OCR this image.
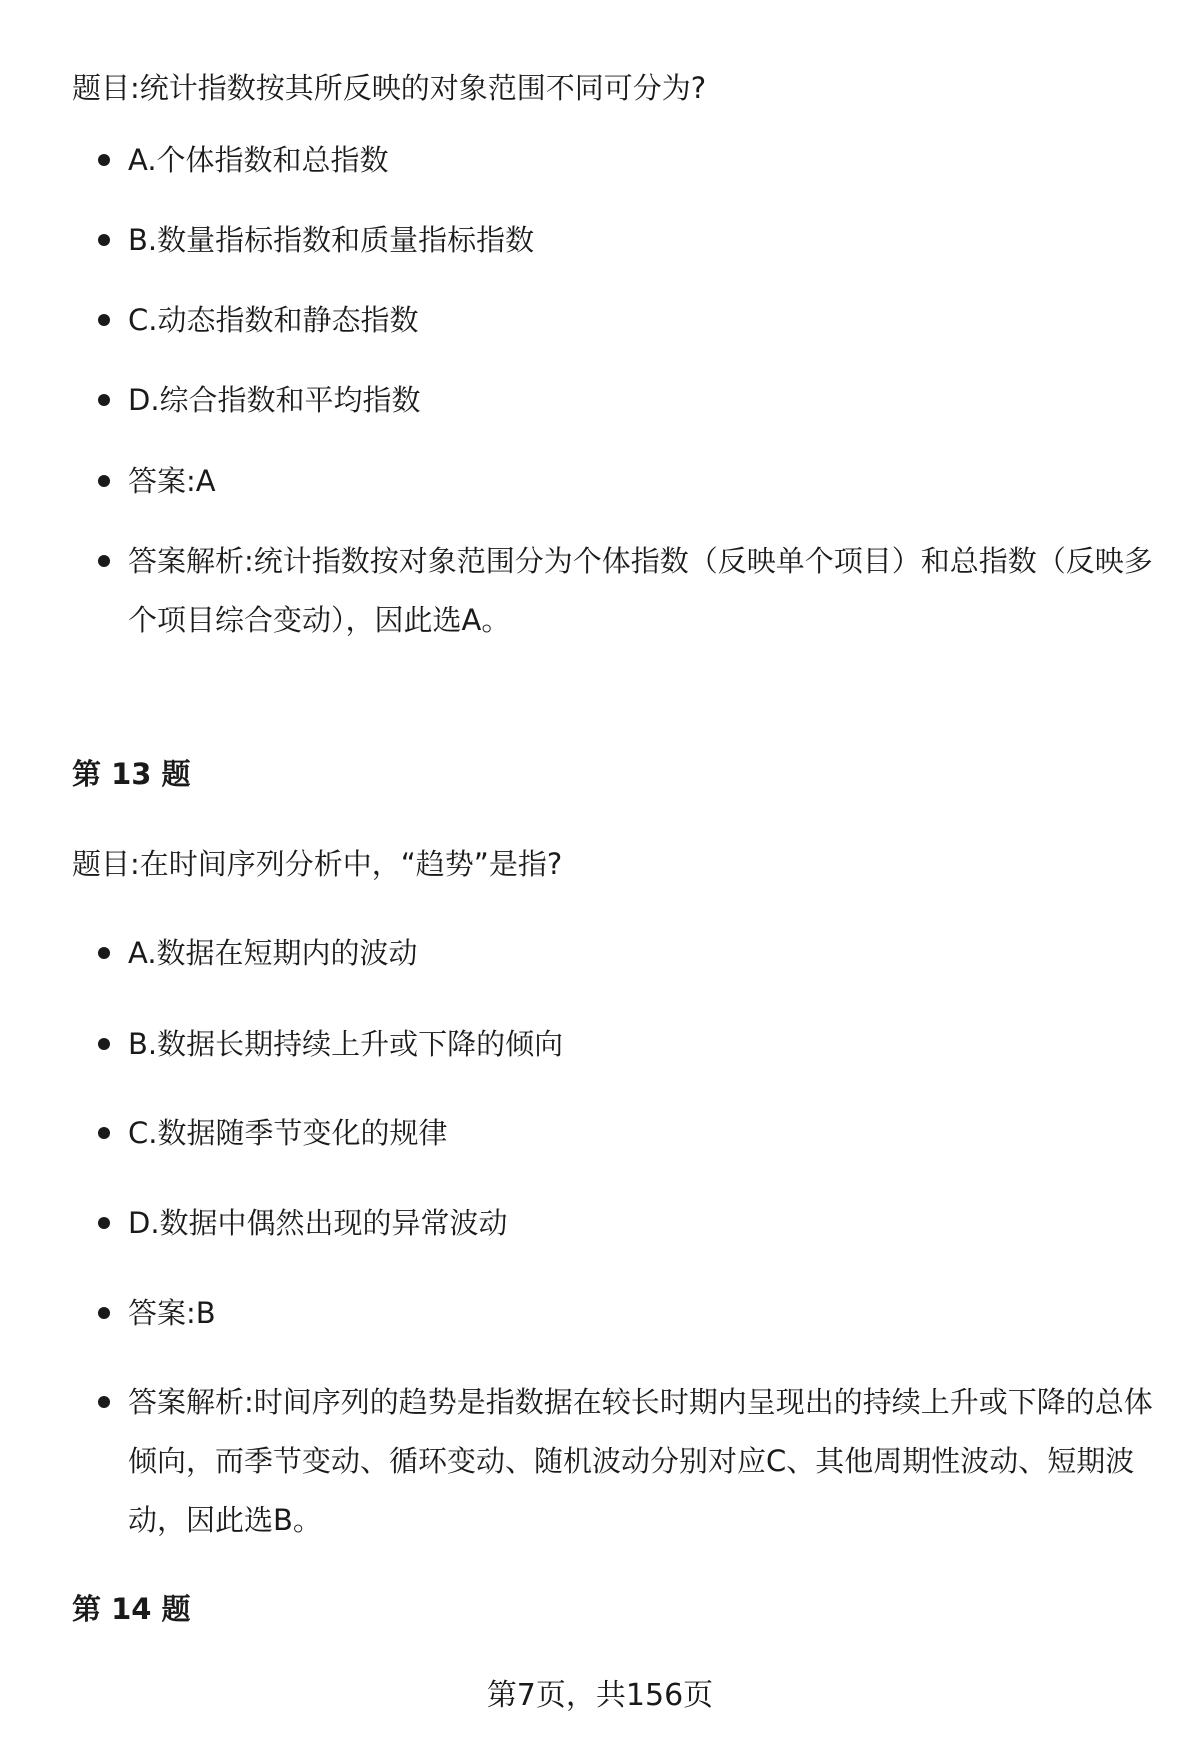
题目:统计指数按其所反映的对象范围不同可分为?
A.个体指数和总指数
B.数量指标指数和质量指标指数
C.动态指数和静态指数
D.综合指数和平均指数
答案:A
答案解析:统计指数按对象范围分为个体指数（反映单个项目）和总指数（反映多个项目综合变动），因此选A。
第 13 题
题目:在时间序列分析中，“趋势”是指?
A.数据在短期内的波动
B.数据长期持续上升或下降的倾向
C.数据随季节变化的规律
D.数据中偶然出现的异常波动
答案:B
答案解析:时间序列的趋势是指数据在较长时期内呈现出的持续上升或下降的总体倾向，而季节变动、循环变动、随机波动分别对应C、其他周期性波动、短期波动，因此选B。
第 14 题
第7页，共156页
